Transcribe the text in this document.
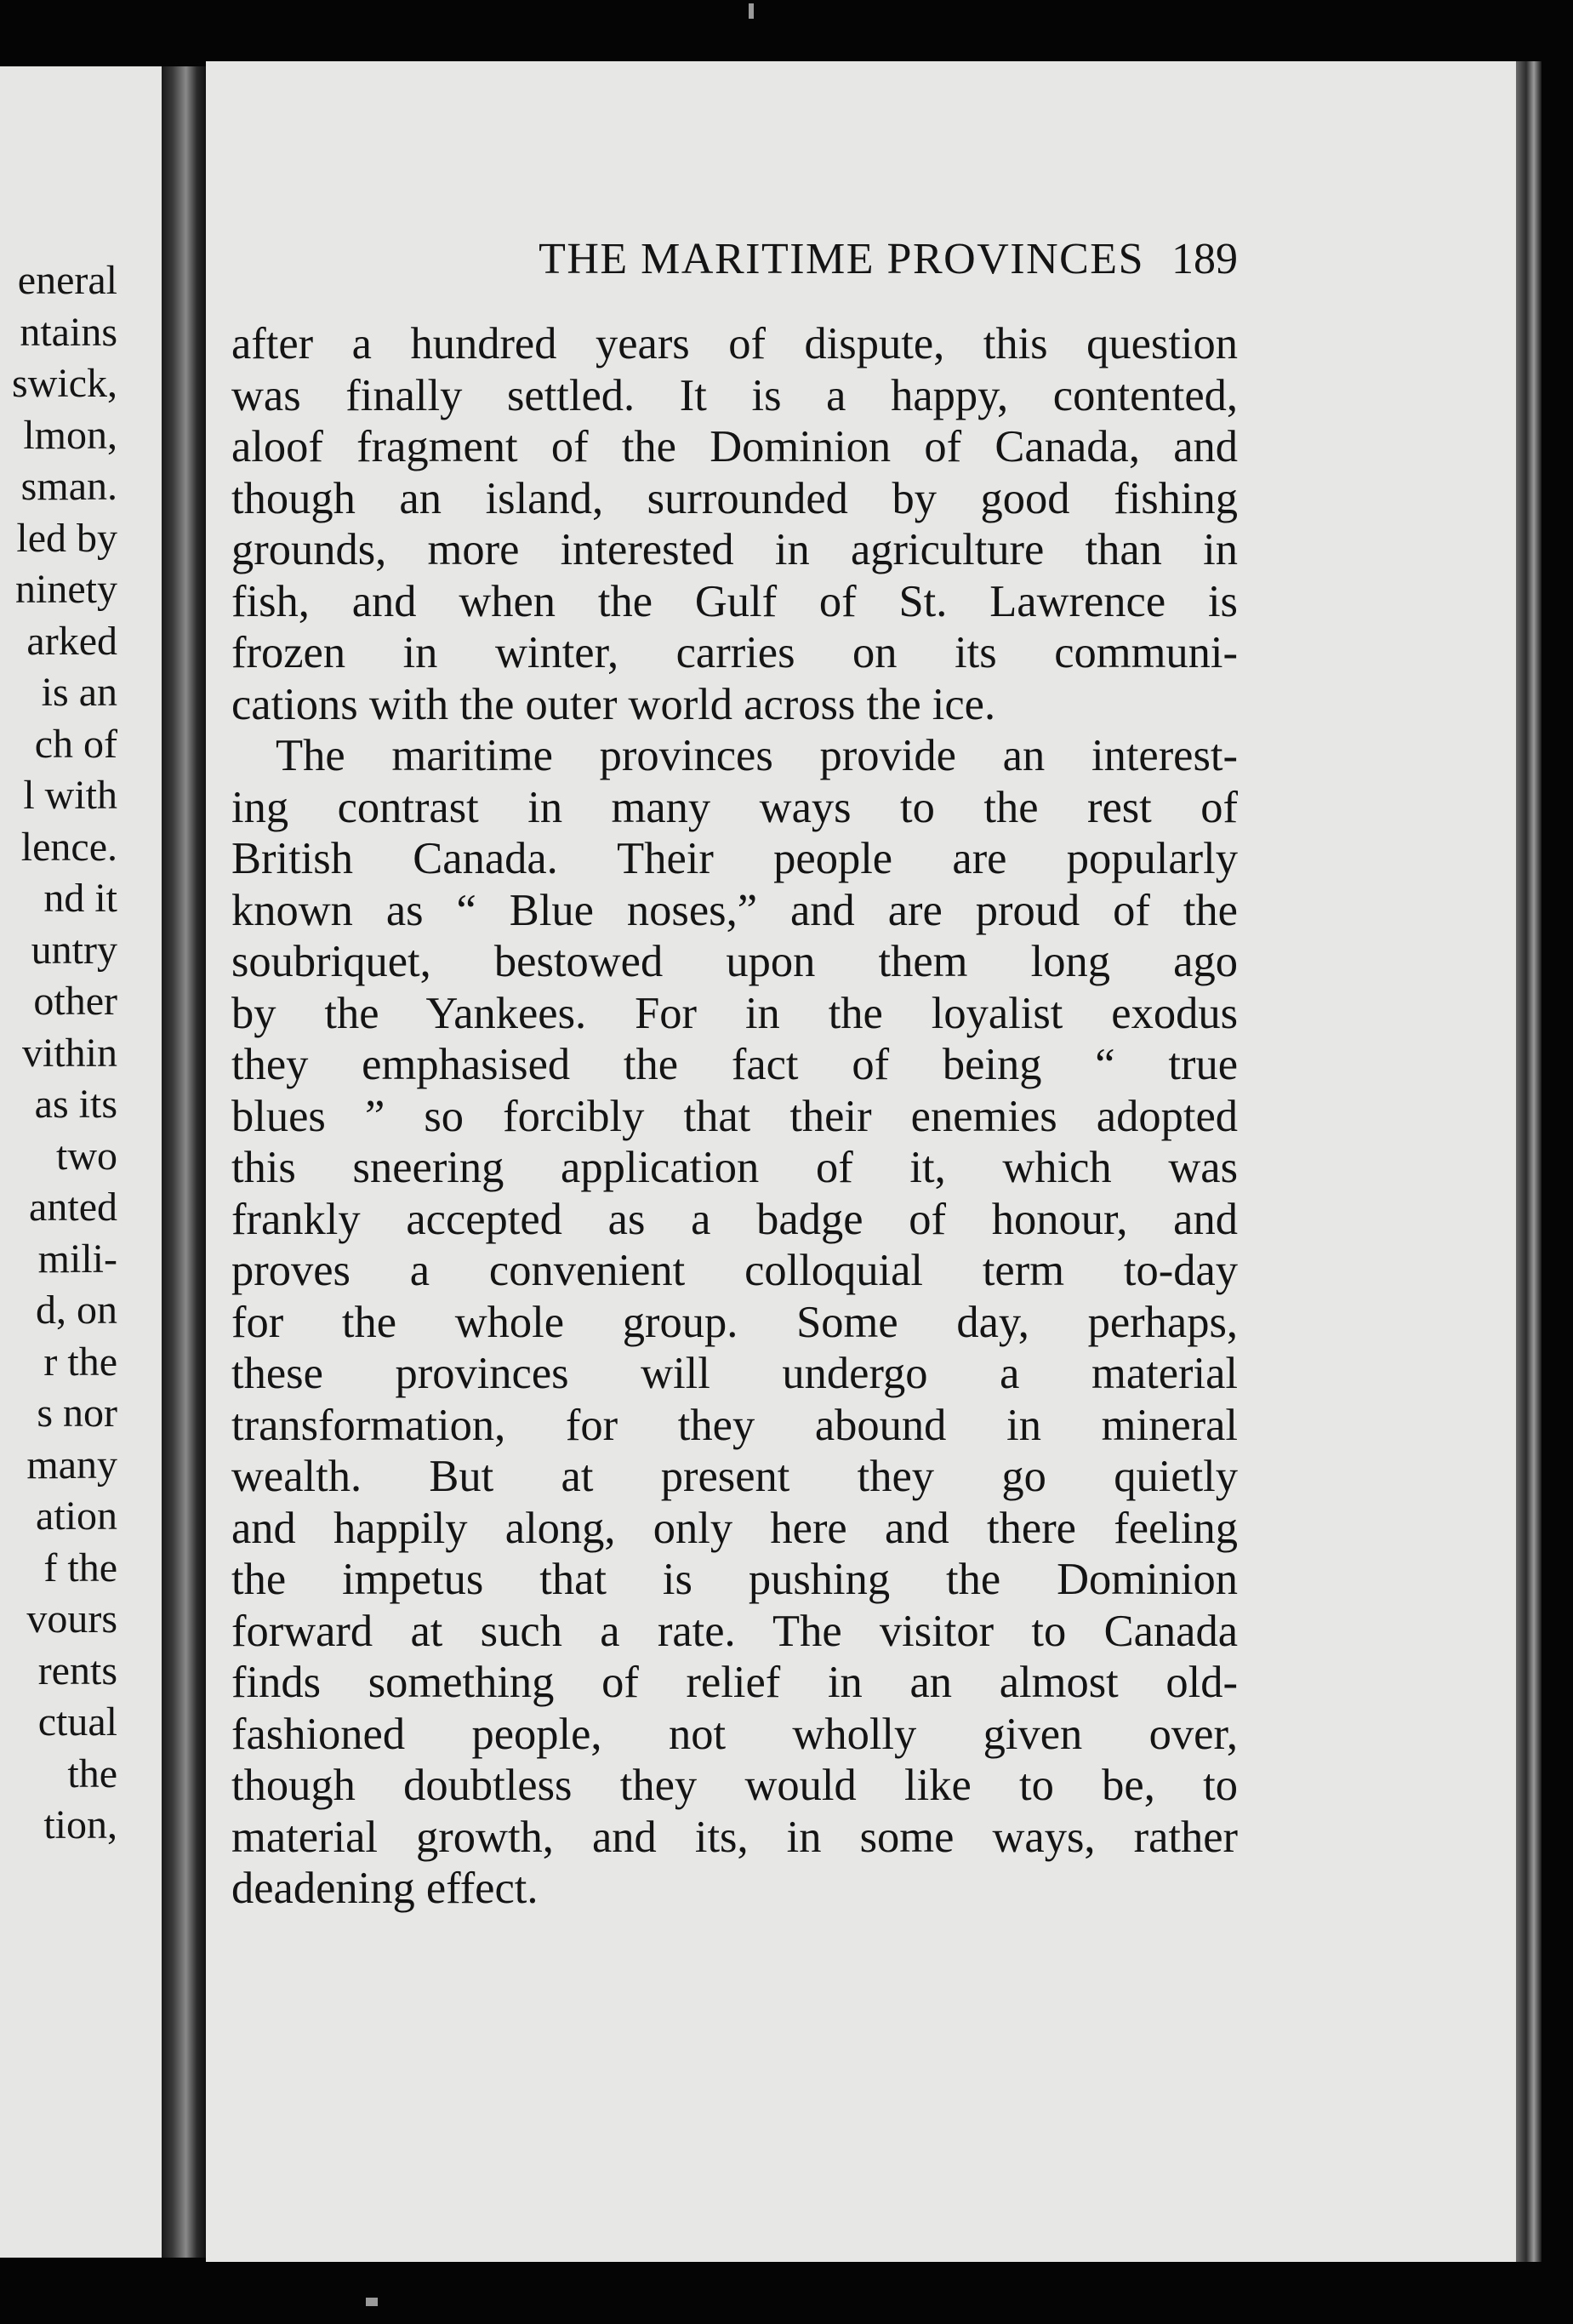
eneral
ntains
swick,
lmon,
sman.
led by
ninety
arked
is an
ch of
l with
lence.
nd it
untry
other
vithin
as its
two
anted
mili-
d, on
r the
s nor
many
ation
f the
vours
rents
ctual
the
tion,
THE MARITIME PROVINCES 189
after a hundred years of dispute, this question
was finally settled. It is a happy, contented,
aloof fragment of the Dominion of Canada, and
though an island, surrounded by good fishing
grounds, more interested in agriculture than in
fish, and when the Gulf of St. Lawrence is
frozen in winter, carries on its communi-
cations with the outer world across the ice.
The maritime provinces provide an interest-
ing contrast in many ways to the rest of
British Canada. Their people are popularly
known as “ Blue noses,” and are proud of the
soubriquet, bestowed upon them long ago
by the Yankees. For in the loyalist exodus
they emphasised the fact of being “ true
blues ” so forcibly that their enemies adopted
this sneering application of it, which was
frankly accepted as a badge of honour, and
proves a convenient colloquial term to-day
for the whole group. Some day, perhaps,
these provinces will undergo a material
transformation, for they abound in mineral
wealth. But at present they go quietly
and happily along, only here and there feeling
the impetus that is pushing the Dominion
forward at such a rate. The visitor to Canada
finds something of relief in an almost old-
fashioned people, not wholly given over,
though doubtless they would like to be, to
material growth, and its, in some ways, rather
deadening effect.
